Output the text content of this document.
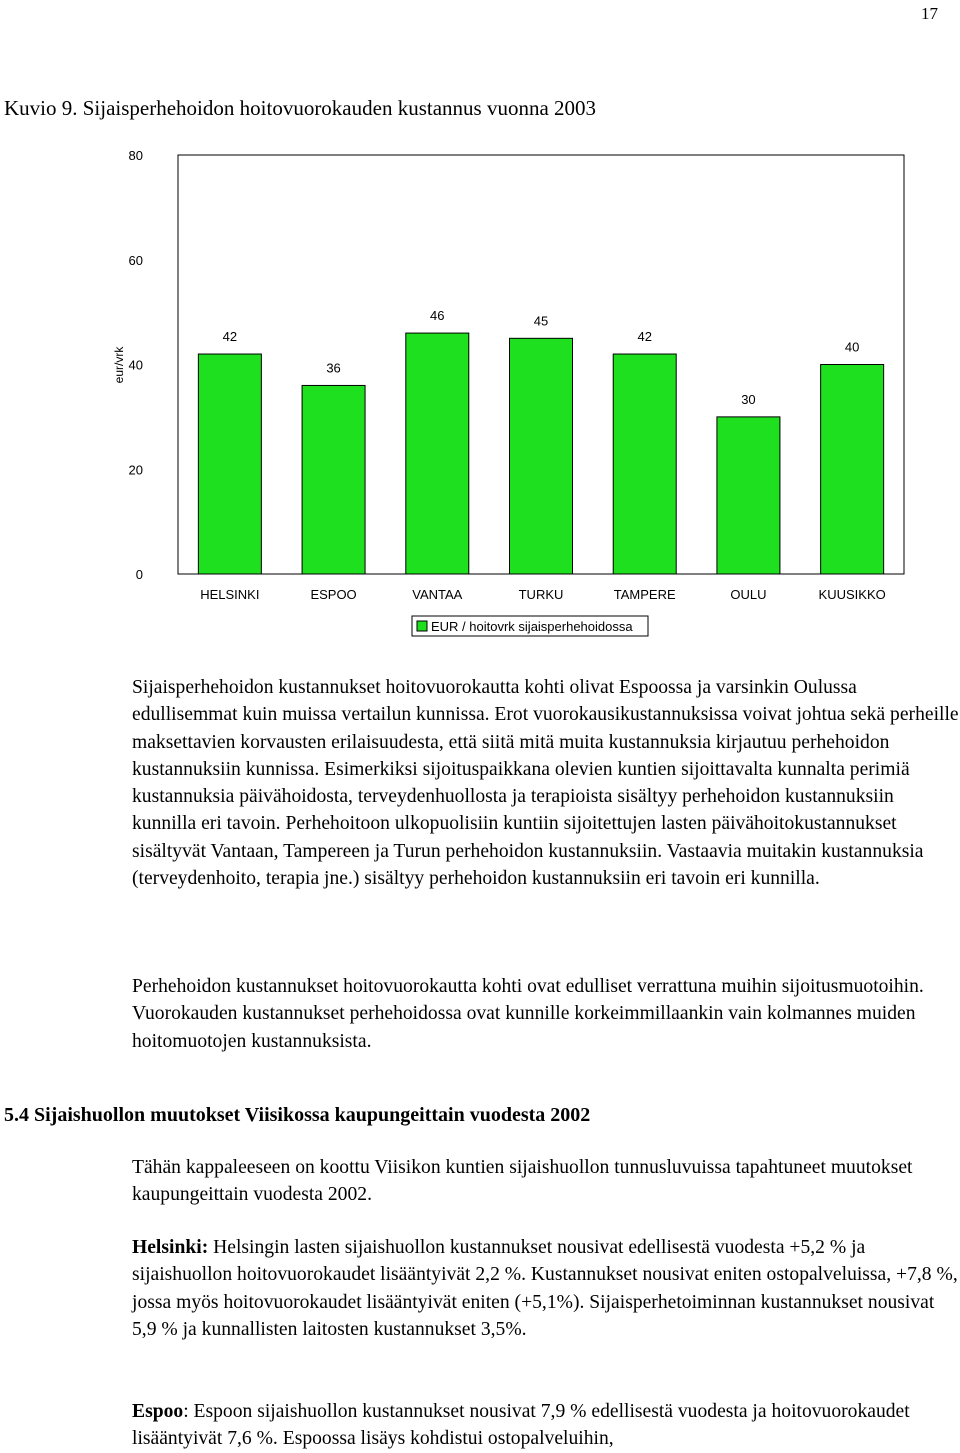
17
Kuvio 9. Sijaisperhehoidon hoitovuorokauden kustannus vuonna 2003
eur/vrk
0
20
40
60
80
42
36
46	45
42
30
40
HELSINKI	ESPOO	VANTAA	TURKU	TAMPERE	OULU	KUUSIKKO
EUR / hoitovrk sijaisperhehoidossa

Sijaisperhehoidon kustannukset hoitovuorokautta kohti olivat Espoossa ja varsinkin Oulussa edullisemmat kuin muissa vertailun kunnissa. Erot vuorokausikustannuksissa voivat johtua sekä perheille maksettavien korvausten erilaisuudesta, että siitä mitä muita kustannuksia kirjautuu perhehoidon kustannuksiin kunnissa. Esimerkiksi sijoituspaikkana olevien kuntien sijoittavalta kunnalta perimiä kustannuksia päivähoidosta, terveydenhuollosta ja terapioista sisältyy perhehoidon kustannuksiin kunnilla eri tavoin. Perhehoitoon ulkopuolisiin kuntiin sijoitettujen lasten päivähoitokustannukset sisältyvät Vantaan, Tampereen ja Turun perhehoidon kustannuksiin. Vastaavia muitakin kustannuksia (terveydenhoito, terapia jne.) sisältyy perhehoidon kustannuksiin eri tavoin eri kunnilla.

Perhehoidon kustannukset hoitovuorokautta kohti ovat edulliset verrattuna muihin sijoitusmuotoihin. Vuorokauden kustannukset perhehoidossa ovat kunnille korkeimmillaankin vain kolmannes muiden hoitomuotojen kustannuksista.

5.4 Sijaishuollon muutokset Viisikossa kaupungeittain vuodesta 2002

Tähän kappaleeseen on koottu Viisikon kuntien sijaishuollon tunnusluvuissa tapahtuneet muutokset kaupungeittain vuodesta 2002.

Helsinki: Helsingin lasten sijaishuollon kustannukset nousivat edellisestä vuodesta +5,2 % ja sijaishuollon hoitovuorokaudet lisääntyivät 2,2 %. Kustannukset nousivat eniten ostopalveluissa, +7,8 %, jossa myös hoitovuorokaudet lisääntyivät eniten (+5,1%). Sijaisperhetoiminnan kustannukset nousivat 5,9 % ja kunnallisten laitosten kustannukset 3,5%.

Espoo: Espoon sijaishuollon kustannukset nousivat 7,9 % edellisestä vuodesta ja hoitovuorokaudet lisääntyivät 7,6 %. Espoossa lisäys kohdistui ostopalveluihin,
